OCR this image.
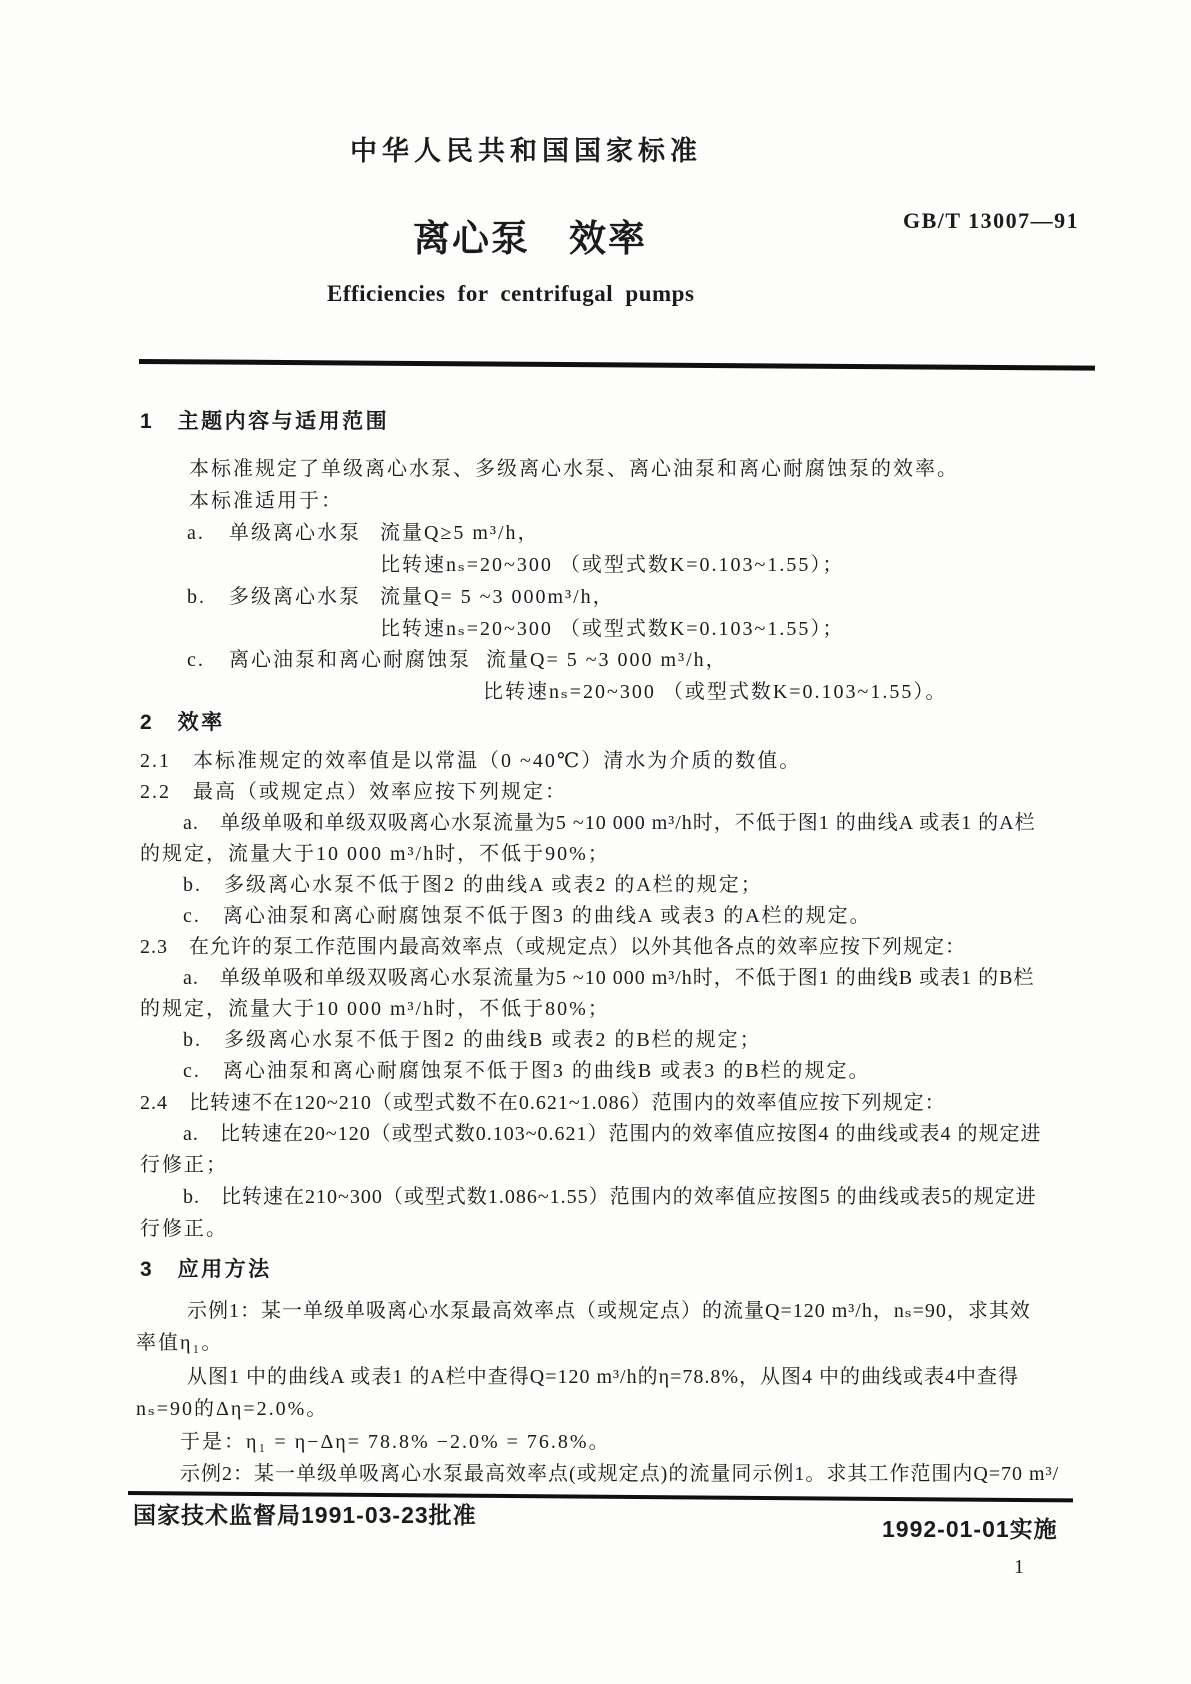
中华人民共和国国家标准
GB/T 13007—91
离心泵　效率
Efficiencies for centrifugal pumps
1　主题内容与适用范围
本标准规定了单级离心水泵、多级离心水泵、离心油泵和离心耐腐蚀泵的效率。
本标准适用于：
a. 单级离心水泵 流量Q≥5 m³/h，
比转速nₛ=20~300 （或型式数K=0.103~1.55）；
b. 多级离心水泵 流量Q= 5 ~3 000m³/h，
比转速nₛ=20~300 （或型式数K=0.103~1.55）；
c. 离心油泵和离心耐腐蚀泵 流量Q= 5 ~3 000 m³/h，
比转速nₛ=20~300 （或型式数K=0.103~1.55）。
2　效率
2.1　本标准规定的效率值是以常温（0 ~40℃）清水为介质的数值。
2.2　最高（或规定点）效率应按下列规定：
a.　单级单吸和单级双吸离心水泵流量为5 ~10 000 m³/h时，不低于图1 的曲线A 或表1 的A栏
的规定，流量大于10 000 m³/h时，不低于90%；
b.　多级离心水泵不低于图2 的曲线A 或表2 的A栏的规定；
c.　离心油泵和离心耐腐蚀泵不低于图3 的曲线A 或表3 的A栏的规定。
2.3　在允许的泵工作范围内最高效率点（或规定点）以外其他各点的效率应按下列规定：
a.　单级单吸和单级双吸离心水泵流量为5 ~10 000 m³/h时，不低于图1 的曲线B 或表1 的B栏
的规定，流量大于10 000 m³/h时，不低于80%；
b.　多级离心水泵不低于图2 的曲线B 或表2 的B栏的规定；
c.　离心油泵和离心耐腐蚀泵不低于图3 的曲线B 或表3 的B栏的规定。
2.4　比转速不在120~210（或型式数不在0.621~1.086）范围内的效率值应按下列规定：
a.　比转速在20~120（或型式数0.103~0.621）范围内的效率值应按图4 的曲线或表4 的规定进
行修正；
b.　比转速在210~300（或型式数1.086~1.55）范围内的效率值应按图5 的曲线或表5的规定进
行修正。
3　应用方法
示例1：某一单级单吸离心水泵最高效率点（或规定点）的流量Q=120 m³/h，nₛ=90，求其效
率值η₁。
从图1 中的曲线A 或表1 的A栏中查得Q=120 m³/h的η=78.8%，从图4 中的曲线或表4中查得
nₛ=90的Δη=2.0%。
于是：η₁ = η−Δη= 78.8% −2.0% = 76.8%。
示例2：某一单级单吸离心水泵最高效率点(或规定点)的流量同示例1。求其工作范围内Q=70 m³/
国家技术监督局1991-03-23批准
1992-01-01实施
1
